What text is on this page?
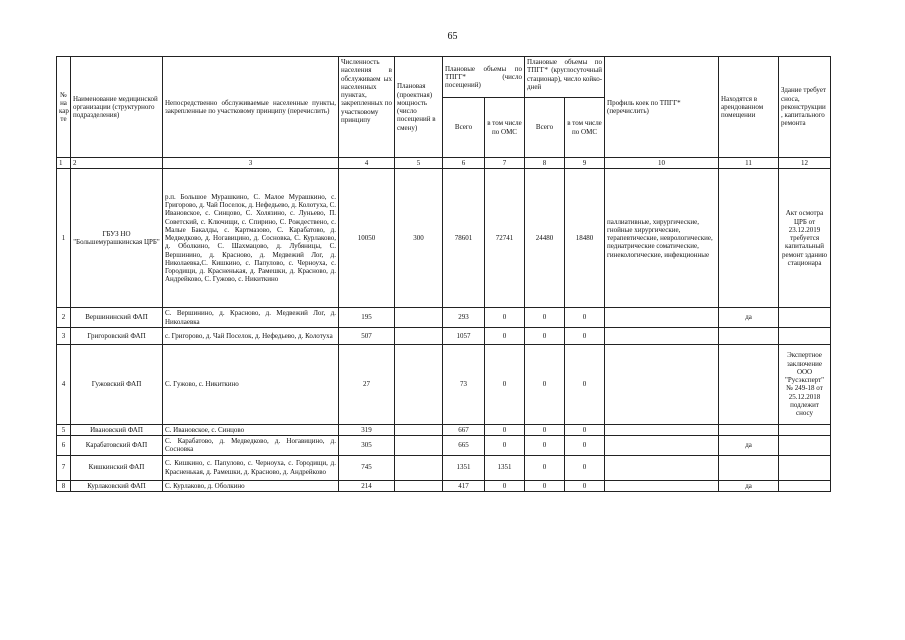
65
№ на кар те	Наименование медицинской организации (структурного подразделения)	Непосредственно обслуживаемые населенные пункты, закрепленные по участковому принципу (перечислить)	Численность населения в обслуживаем ых населенных пунктах, закрепленных по участковому принципу	Плановая (проектная) мощность (число посещений в смену)	Плановые объемы по ТПГГ* (число посещений)		Плановые объемы по ТПГГ* (круглосуточный стационар), число койко-дней		Профиль коек по ТПГГ* (перечислить)	Находятся в арендованном помещении	Здание требует сноса, реконструкции , капитального ремонта
					Всего	в том числе по ОМС	Всего	в том числе по ОМС			
1	2	3	4	5	6	7	8	9	10	11	12
1	ГБУЗ НО "Большемурашкинская ЦРБ"	р.п. Большое Мурашкино, С. Малое Мурашкино, с. Григорово, д. Чай Поселок, д. Нефедьево, д. Колотуха, С. Ивановское, с. Синцово, С. Холязино, с. Луньево, П. Советский, с. Ключищи, с. Спирино, С. Рождествено, с. Малые Бакалды, с. Картмазово, С. Карабатово, д. Медведково, д. Ногавицино, д. Сосновка, С. Курлаково, д. Оболкино, С. Шахмацово, д. Лубяницы, С. Вершинино, д. Красново, д. Медвежий Лог, д. Николаевка,С. Кишкино, с. Папулово, с. Черноуха, с. Городищи, д. Красненькая, д. Рамешки, д. Красново, д. Андрейково, С. Гужово, с. Никиткино	10050	300	78601	72741	24480	18480	паллиативные, хирургические, гнойные хирургические, терапевтические, неврологические, педиатрические соматические, гинекологические, инфекционные		Акт осмотра ЦРБ от 23.12.2019 требуется капитальный ремонт зданию стационара
2	Вершининский ФАП	С. Вершинино, д. Красново, д. Медвежий Лог, д. Николаевка	195		293	0	0	0		да	
3	Григоровский ФАП	с. Григорово, д. Чай Поселок, д. Нефедьево, д. Колотуха	507		1057	0	0	0			
4	Гужовский ФАП	С. Гужово, с. Никиткино	27		73	0	0	0			Экспертное заключение ООО "Русэксперт" № 249-18 от 25.12.2018 подлежит сносу
5	Ивановский ФАП	С. Ивановское, с. Синцово	319		667	0	0	0			
6	Карабатовский ФАП	С. Карабатово, д. Медведково, д. Ногавицино, д. Сосновка	305		665	0	0	0		да	
7	Кишкинский ФАП	С. Кишкино, с. Папулово, с. Черноуха, с. Городищи, д. Красненькая, д. Рамешки, д. Красново, д. Андрейково	745		1351	1351	0	0			
8	Курлаковский ФАП	С. Курлаково, д. Оболкино	214		417	0	0	0		да	
